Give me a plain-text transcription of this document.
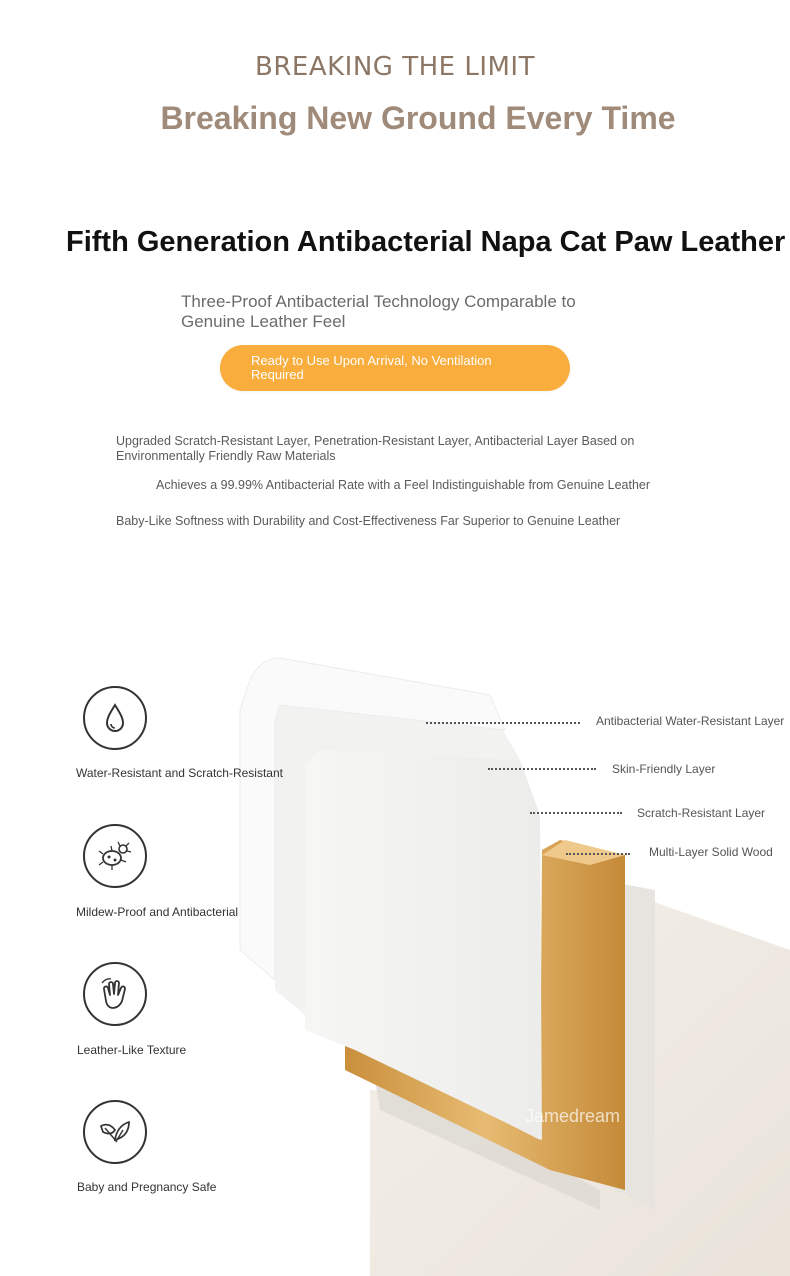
BREAKING THE LIMIT
Breaking New Ground Every Time
Fifth Generation Antibacterial Napa Cat Paw Leather
Three-Proof Antibacterial Technology Comparable to Genuine Leather Feel
Ready to Use Upon Arrival, No Ventilation Required
Upgraded Scratch-Resistant Layer, Penetration-Resistant Layer, Antibacterial Layer Based on Environmentally Friendly Raw Materials
Achieves a 99.99% Antibacterial Rate with a Feel Indistinguishable from Genuine Leather
Baby-Like Softness with Durability and Cost-Effectiveness Far Superior to Genuine Leather
Jamedream
Antibacterial Water-Resistant Layer
Skin-Friendly Layer
Scratch-Resistant Layer
Multi-Layer Solid Wood
Water-Resistant and Scratch-Resistant
Mildew-Proof and Antibacterial
Leather-Like Texture
Baby and Pregnancy Safe
